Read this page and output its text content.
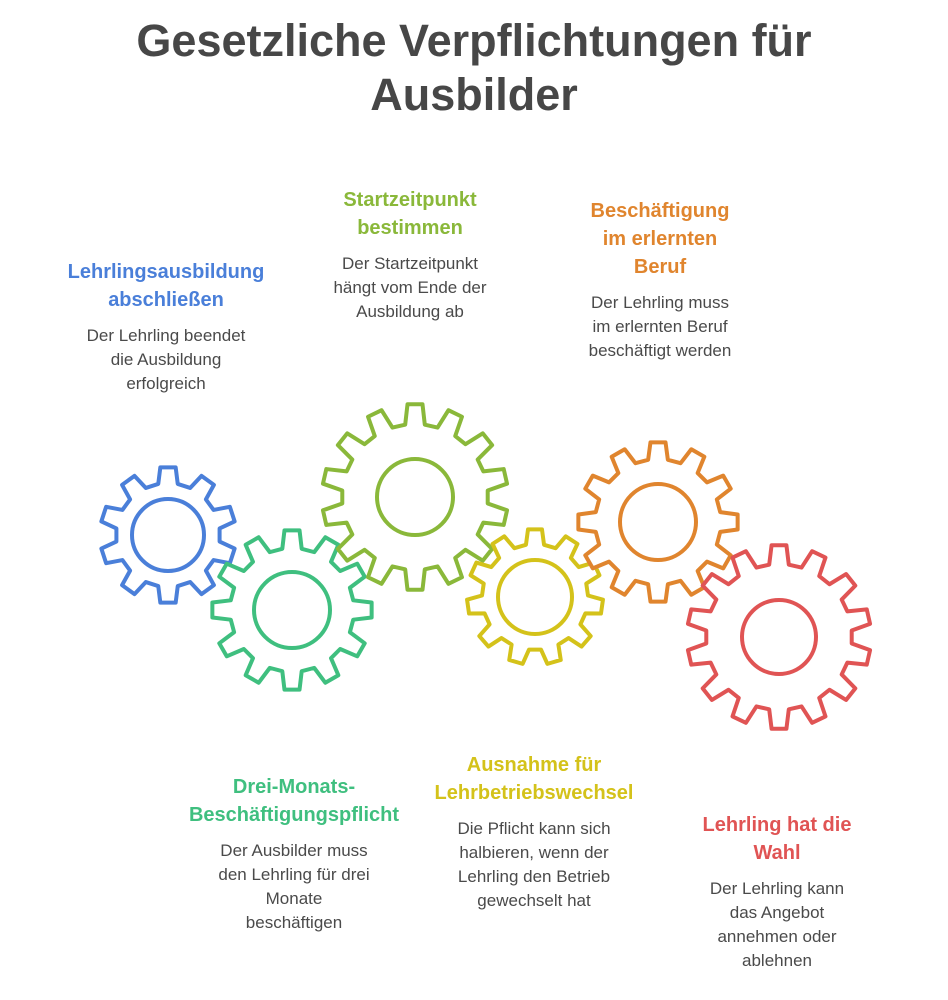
Gesetzliche Verpflichtungen für
Ausbilder
Lehrlingsausbildung
abschließen
Der Lehrling beendet
die Ausbildung
erfolgreich
Startzeitpunkt
bestimmen
Der Startzeitpunkt
hängt vom Ende der
Ausbildung ab
Beschäftigung
im erlernten
Beruf
Der Lehrling muss
im erlernten Beruf
beschäftigt werden
Drei-Monats-
Beschäftigungspflicht
Der Ausbilder muss
den Lehrling für drei
Monate
beschäftigen
Ausnahme für
Lehrbetriebswechsel
Die Pflicht kann sich
halbieren, wenn der
Lehrling den Betrieb
gewechselt hat
Lehrling hat die
Wahl
Der Lehrling kann
das Angebot
annehmen oder
ablehnen
